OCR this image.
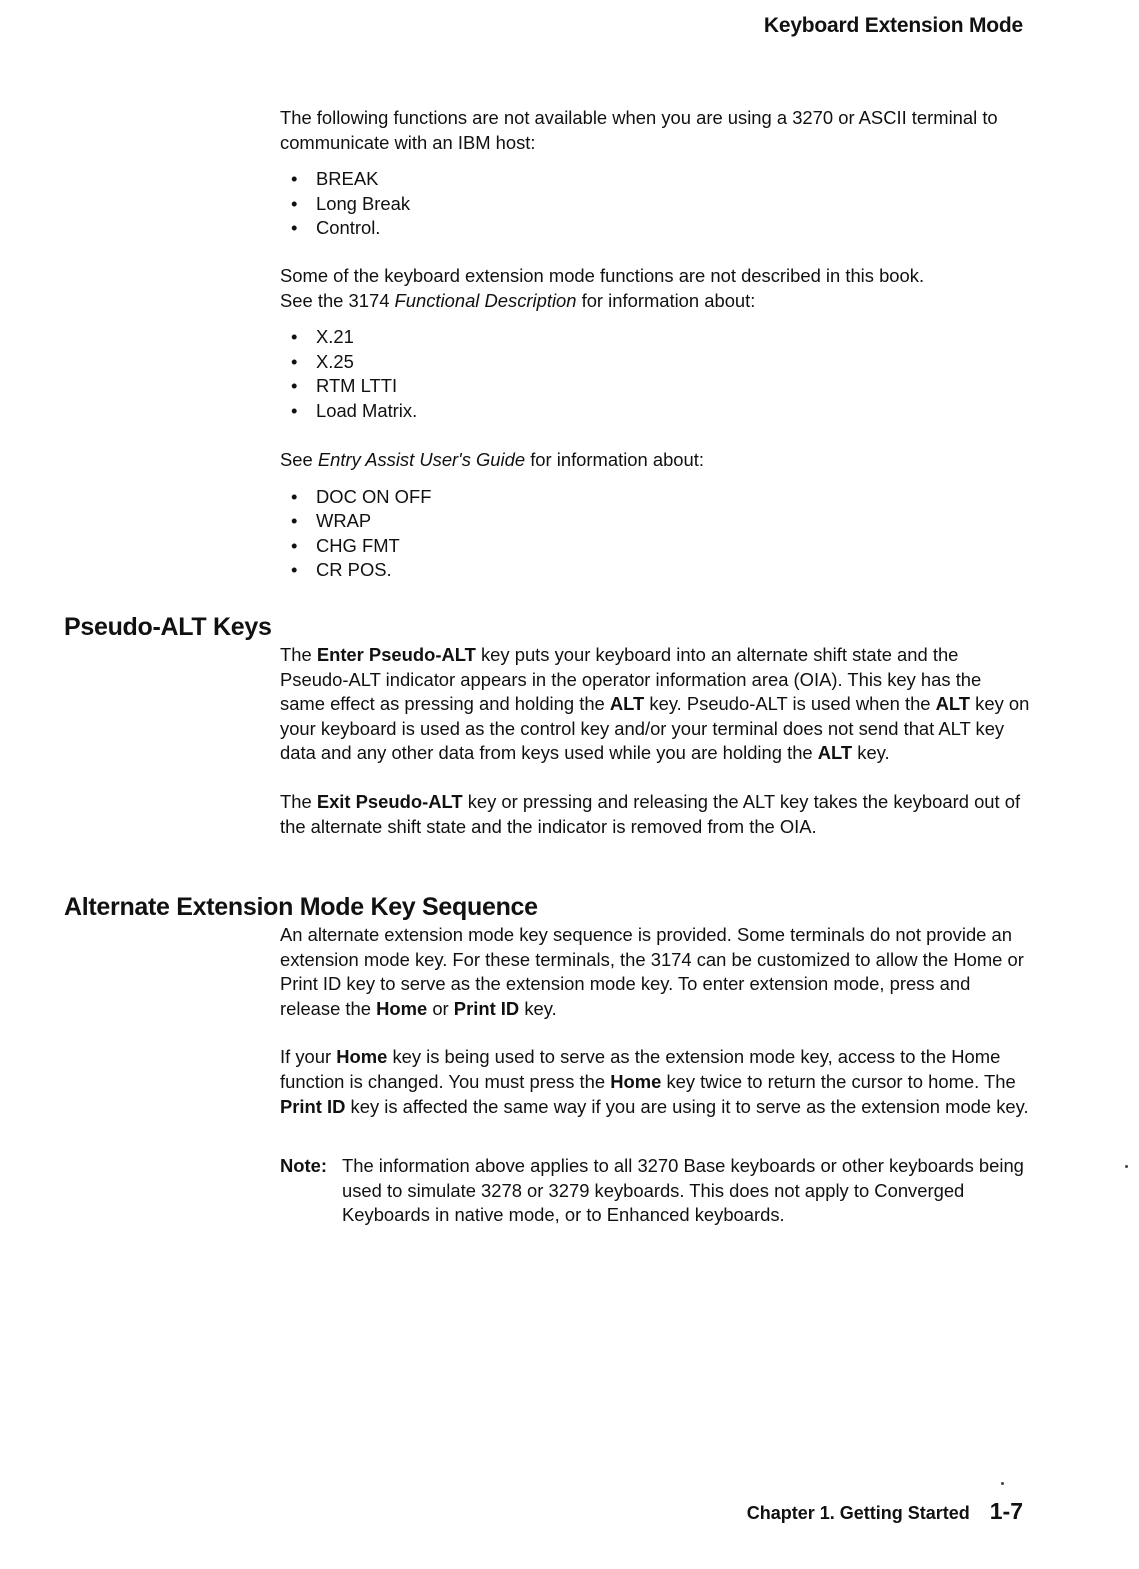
Keyboard Extension Mode

The following functions are not available when you are using a 3270 or ASCII terminal to communicate with an IBM host:

• BREAK
• Long Break
• Control.

Some of the keyboard extension mode functions are not described in this book.

See the 3174 Functional Description for information about:

• X.21
• X.25
• RTM LTTI
• Load Matrix.

See Entry Assist User's Guide for information about:

• DOC ON OFF
• WRAP
• CHG FMT
• CR POS.
Pseudo-ALT Keys

The Enter Pseudo-ALT key puts your keyboard into an alternate shift state and the Pseudo-ALT indicator appears in the operator information area (OIA). This key has the same effect as pressing and holding the ALT key. Pseudo-ALT is used when the ALT key on your keyboard is used as the control key and/or your terminal does not send that ALT key data and any other data from keys used while you are holding the ALT key.

The Exit Pseudo-ALT key or pressing and releasing the ALT key takes the keyboard out of the alternate shift state and the indicator is removed from the OIA.

Alternate Extension Mode Key Sequence

An alternate extension mode key sequence is provided. Some terminals do not provide an extension mode key. For these terminals, the 3174 can be customized to allow the Home or Print ID key to serve as the extension mode key. To enter extension mode, press and release the Home or Print ID key.

If your Home key is being used to serve as the extension mode key, access to the Home function is changed. You must press the Home key twice to return the cursor to home. The Print ID key is affected the same way if you are using it to serve as the extension mode key.

Note: The information above applies to all 3270 Base keyboards or other keyboards being used to simulate 3278 or 3279 keyboards. This does not apply to Converged Keyboards in native mode, or to Enhanced keyboards.
Chapter 1. Getting Started 1-7
